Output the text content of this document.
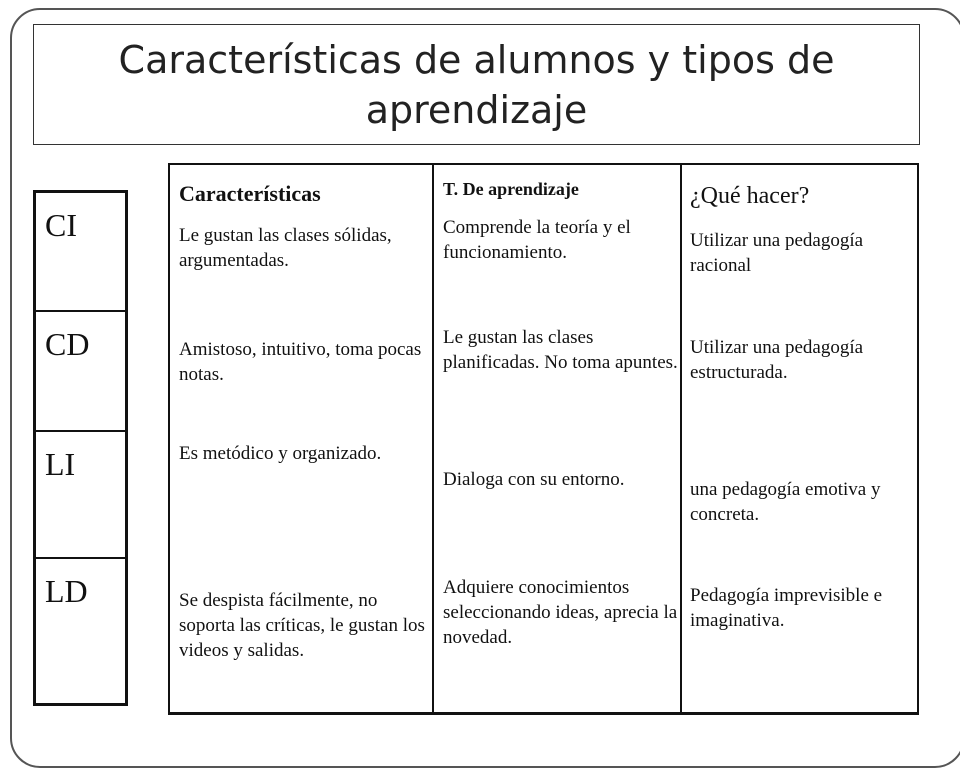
Características de alumnos y tipos de aprendizaje
CI
CD
LI
LD
Características
Le gustan las clases sólidas, argumentadas.
Amistoso, intuitivo, toma pocas notas.
Es metódico y organizado.
Se despista fácilmente, no soporta las críticas, le gustan los videos y salidas.
T. De aprendizaje
Comprende la teoría y el funcionamiento.
Le gustan las clases planificadas. No toma apuntes.
Dialoga con su entorno.
Adquiere conocimientos seleccionando ideas, aprecia la novedad.
¿Qué hacer?
Utilizar una pedagogía racional
Utilizar una pedagogía estructurada.
una pedagogía emotiva y concreta.
Pedagogía imprevisible e imaginativa.
